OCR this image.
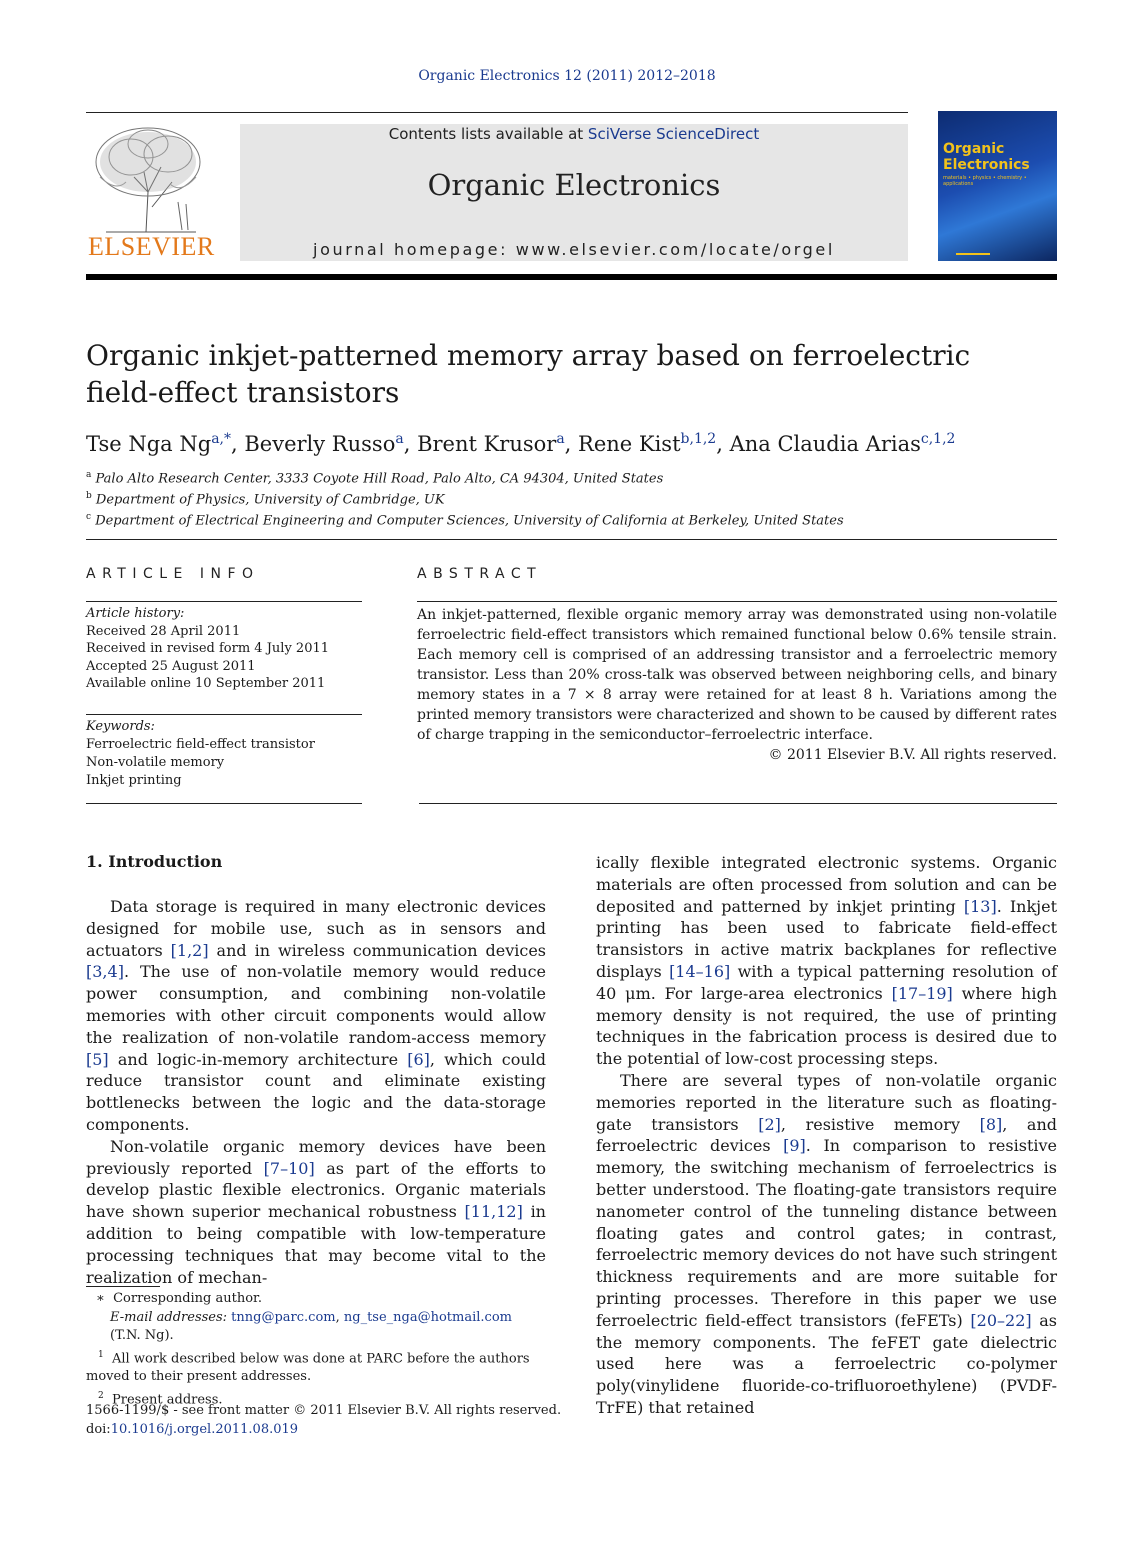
Organic Electronics 12 (2011) 2012–2018
ELSEVIER
Contents lists available at SciVerse ScienceDirect
Organic Electronics
journal homepage: www.elsevier.com/locate/orgel
Organic
Electronics
materials • physics • chemistry • applications
Organic inkjet-patterned memory array based on ferroelectric
field-effect transistors
Tse Nga $Ng^{a,*}$, Beverly Russo$^a$, Brent Krusor$^a$, Rene Kist$^{b,1,2}$, Ana Claudia Arias$^{c,1,2}$
$^a$ Palo Alto Research Center, 3333 Coyote Hill Road, Palo Alto, CA 94304, United States
$^b$ Department of Physics, University of Cambridge, UK
$^c$ Department of Electrical Engineering and Computer Sciences, University of California at Berkeley, United States
ARTICLE INFO
Article history:
Received 28 April 2011
Received in revised form 4 July 2011
Accepted 25 August 2011
Available online 10 September 2011
Keywords:
Ferroelectric field-effect transistor
Non-volatile memory
Inkjet printing
ABSTRACT
An inkjet-patterned, flexible organic memory array was demonstrated using non-volatile ferroelectric field-effect transistors which remained functional below 0.6% tensile strain. Each memory cell is comprised of an addressing transistor and a ferroelectric memory transistor. Less than 20% cross-talk was observed between neighboring cells, and binary memory states in a 7 × 8 array were retained for at least 8 h. Variations among the printed memory transistors were characterized and shown to be caused by different rates of charge trapping in the semiconductor–ferroelectric interface.
© 2011 Elsevier B.V. All rights reserved.
1. Introduction

Data storage is required in many electronic devices designed for mobile use, such as in sensors and actuators [1,2] and in wireless communication devices [3,4]. The use of non-volatile memory would reduce power consumption, and combining non-volatile memories with other circuit components would allow the realization of non-volatile random-access memory [5] and logic-in-memory architecture [6], which could reduce transistor count and eliminate existing bottlenecks between the logic and the data-storage components.

Non-volatile organic memory devices have been previously reported [7–10] as part of the efforts to develop plastic flexible electronics. Organic materials have shown superior mechanical robustness [11,12] in addition to being compatible with low-temperature processing techniques that may become vital to the realization of mechan-

ically flexible integrated electronic systems. Organic materials are often processed from solution and can be deposited and patterned by inkjet printing [13]. Inkjet printing has been used to fabricate field-effect transistors in active matrix backplanes for reflective displays [14–16] with a typical patterning resolution of 40 μm. For large-area electronics [17–19] where high memory density is not required, the use of printing techniques in the fabrication process is desired due to the potential of low-cost processing steps.

There are several types of non-volatile organic memories reported in the literature such as floating-gate transistors [2], resistive memory [8], and ferroelectric devices [9]. In comparison to resistive memory, the switching mechanism of ferroelectrics is better understood. The floating-gate transistors require nanometer control of the tunneling distance between floating gates and control gates; in contrast, ferroelectric memory devices do not have such stringent thickness requirements and are more suitable for printing processes. Therefore in this paper we use ferroelectric field-effect transistors (feFETs) [20–22] as the memory components. The feFET gate dielectric used here was a ferroelectric co-polymer poly(vinylidene fluoride-co-trifluoroethylene) (PVDF-TrFE) that retained

∗  Corresponding author.
E-mail addresses: tnng@parc.com, ng_tse_nga@hotmail.com (T.N. Ng).
$^1$ All work described below was done at PARC before the authors moved to their present addresses.
$^2$ Present address.
1566-1199/$ - see front matter © 2011 Elsevier B.V. All rights reserved.
doi:10.1016/j.orgel.2011.08.019
